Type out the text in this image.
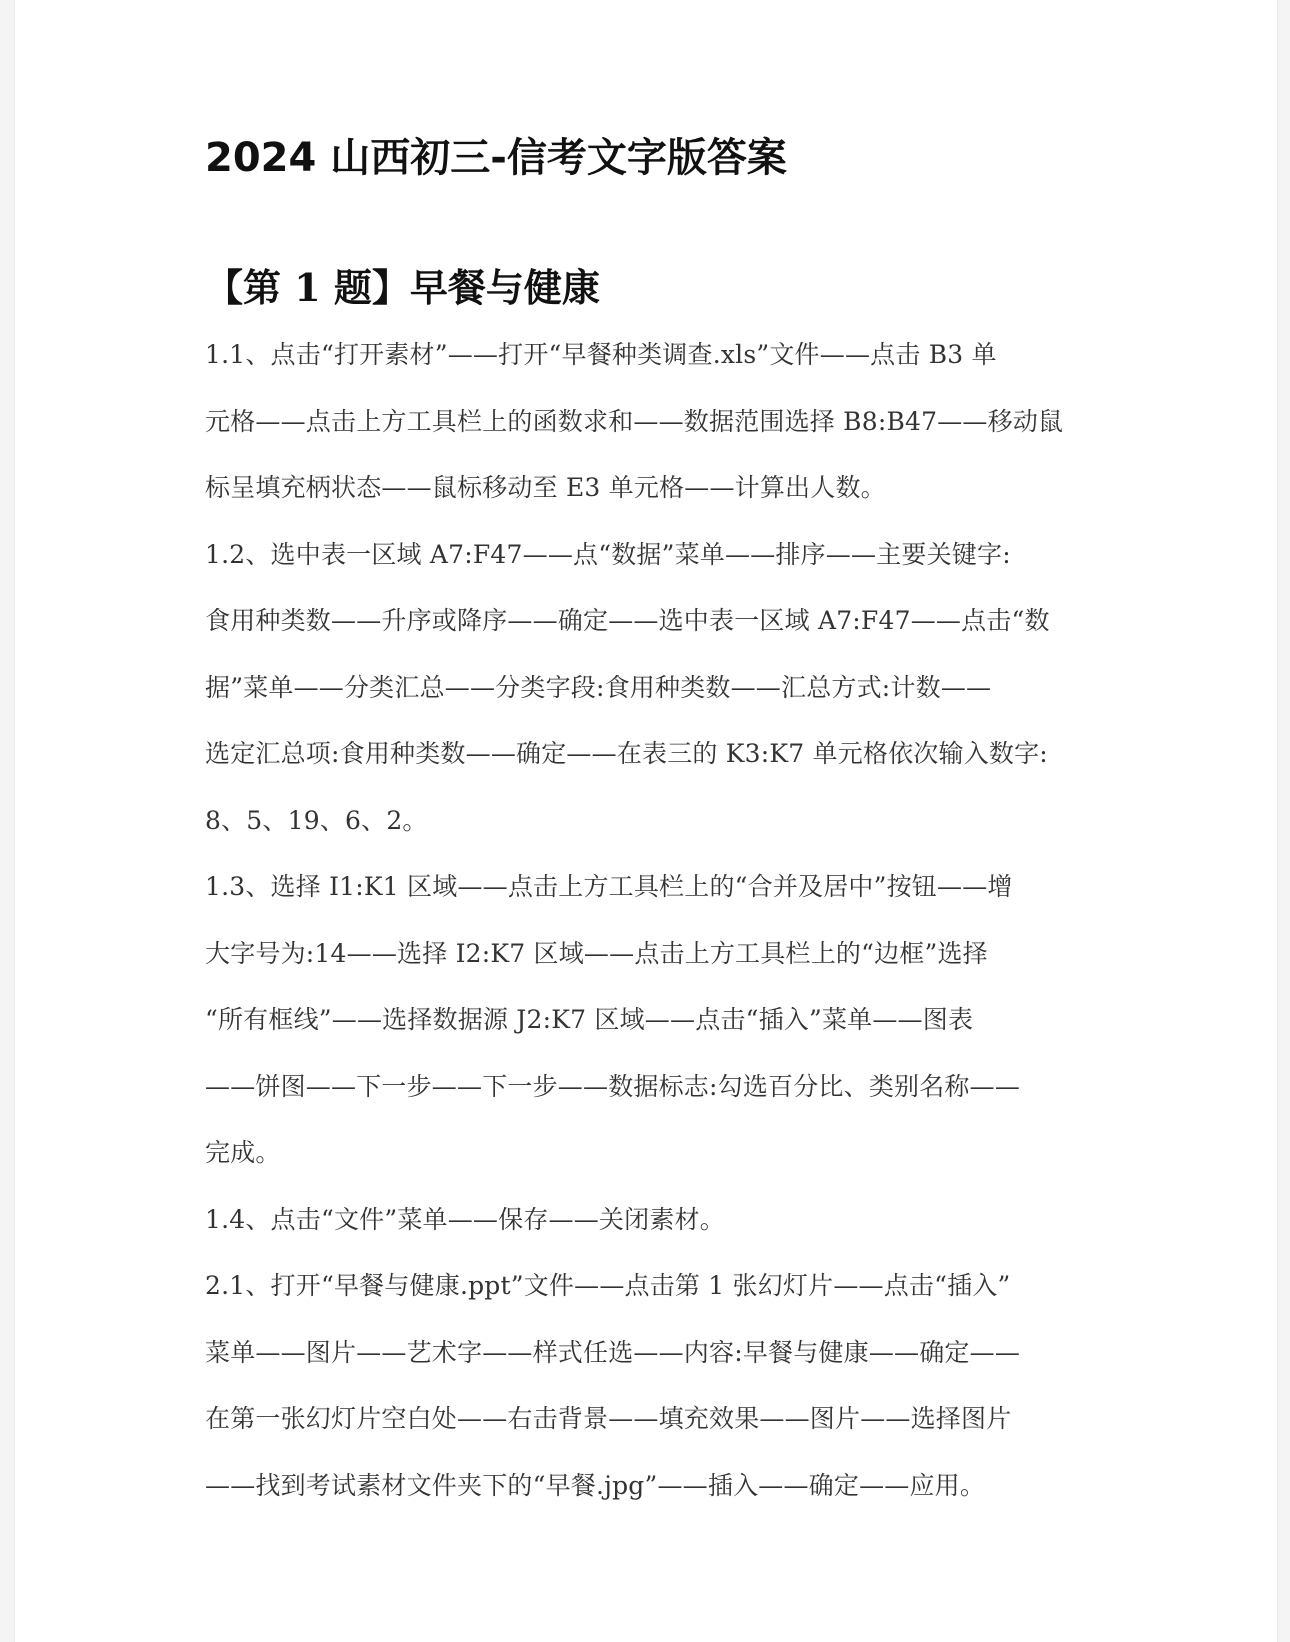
2024 山西初三-信考文字版答案
【第 1 题】早餐与健康

1.1、点击“打开素材”——打开“早餐种类调查.xls”文件——点击 B3 单
元格——点击上方工具栏上的函数求和——数据范围选择 B8:B47——移动鼠
标呈填充柄状态——鼠标移动至 E3 单元格——计算出人数。

1.2、选中表一区域 A7:F47——点“数据”菜单——排序——主要关键字:
食用种类数——升序或降序——确定——选中表一区域 A7:F47——点击“数
据”菜单——分类汇总——分类字段:食用种类数——汇总方式:计数——
选定汇总项:食用种类数——确定——在表三的 K3:K7 单元格依次输入数字:
8、5、19、6、2。

1.3、选择 I1:K1 区域——点击上方工具栏上的“合并及居中”按钮——增
大字号为:14——选择 I2:K7 区域——点击上方工具栏上的“边框”选择
“所有框线”——选择数据源 J2:K7 区域——点击“插入”菜单——图表
——饼图——下一步——下一步——数据标志:勾选百分比、类别名称——
完成。

1.4、点击“文件”菜单——保存——关闭素材。

2.1、打开“早餐与健康.ppt”文件——点击第 1 张幻灯片——点击“插入”
菜单——图片——艺术字——样式任选——内容:早餐与健康——确定——
在第一张幻灯片空白处——右击背景——填充效果——图片——选择图片
——找到考试素材文件夹下的“早餐.jpg”——插入——确定——应用。
